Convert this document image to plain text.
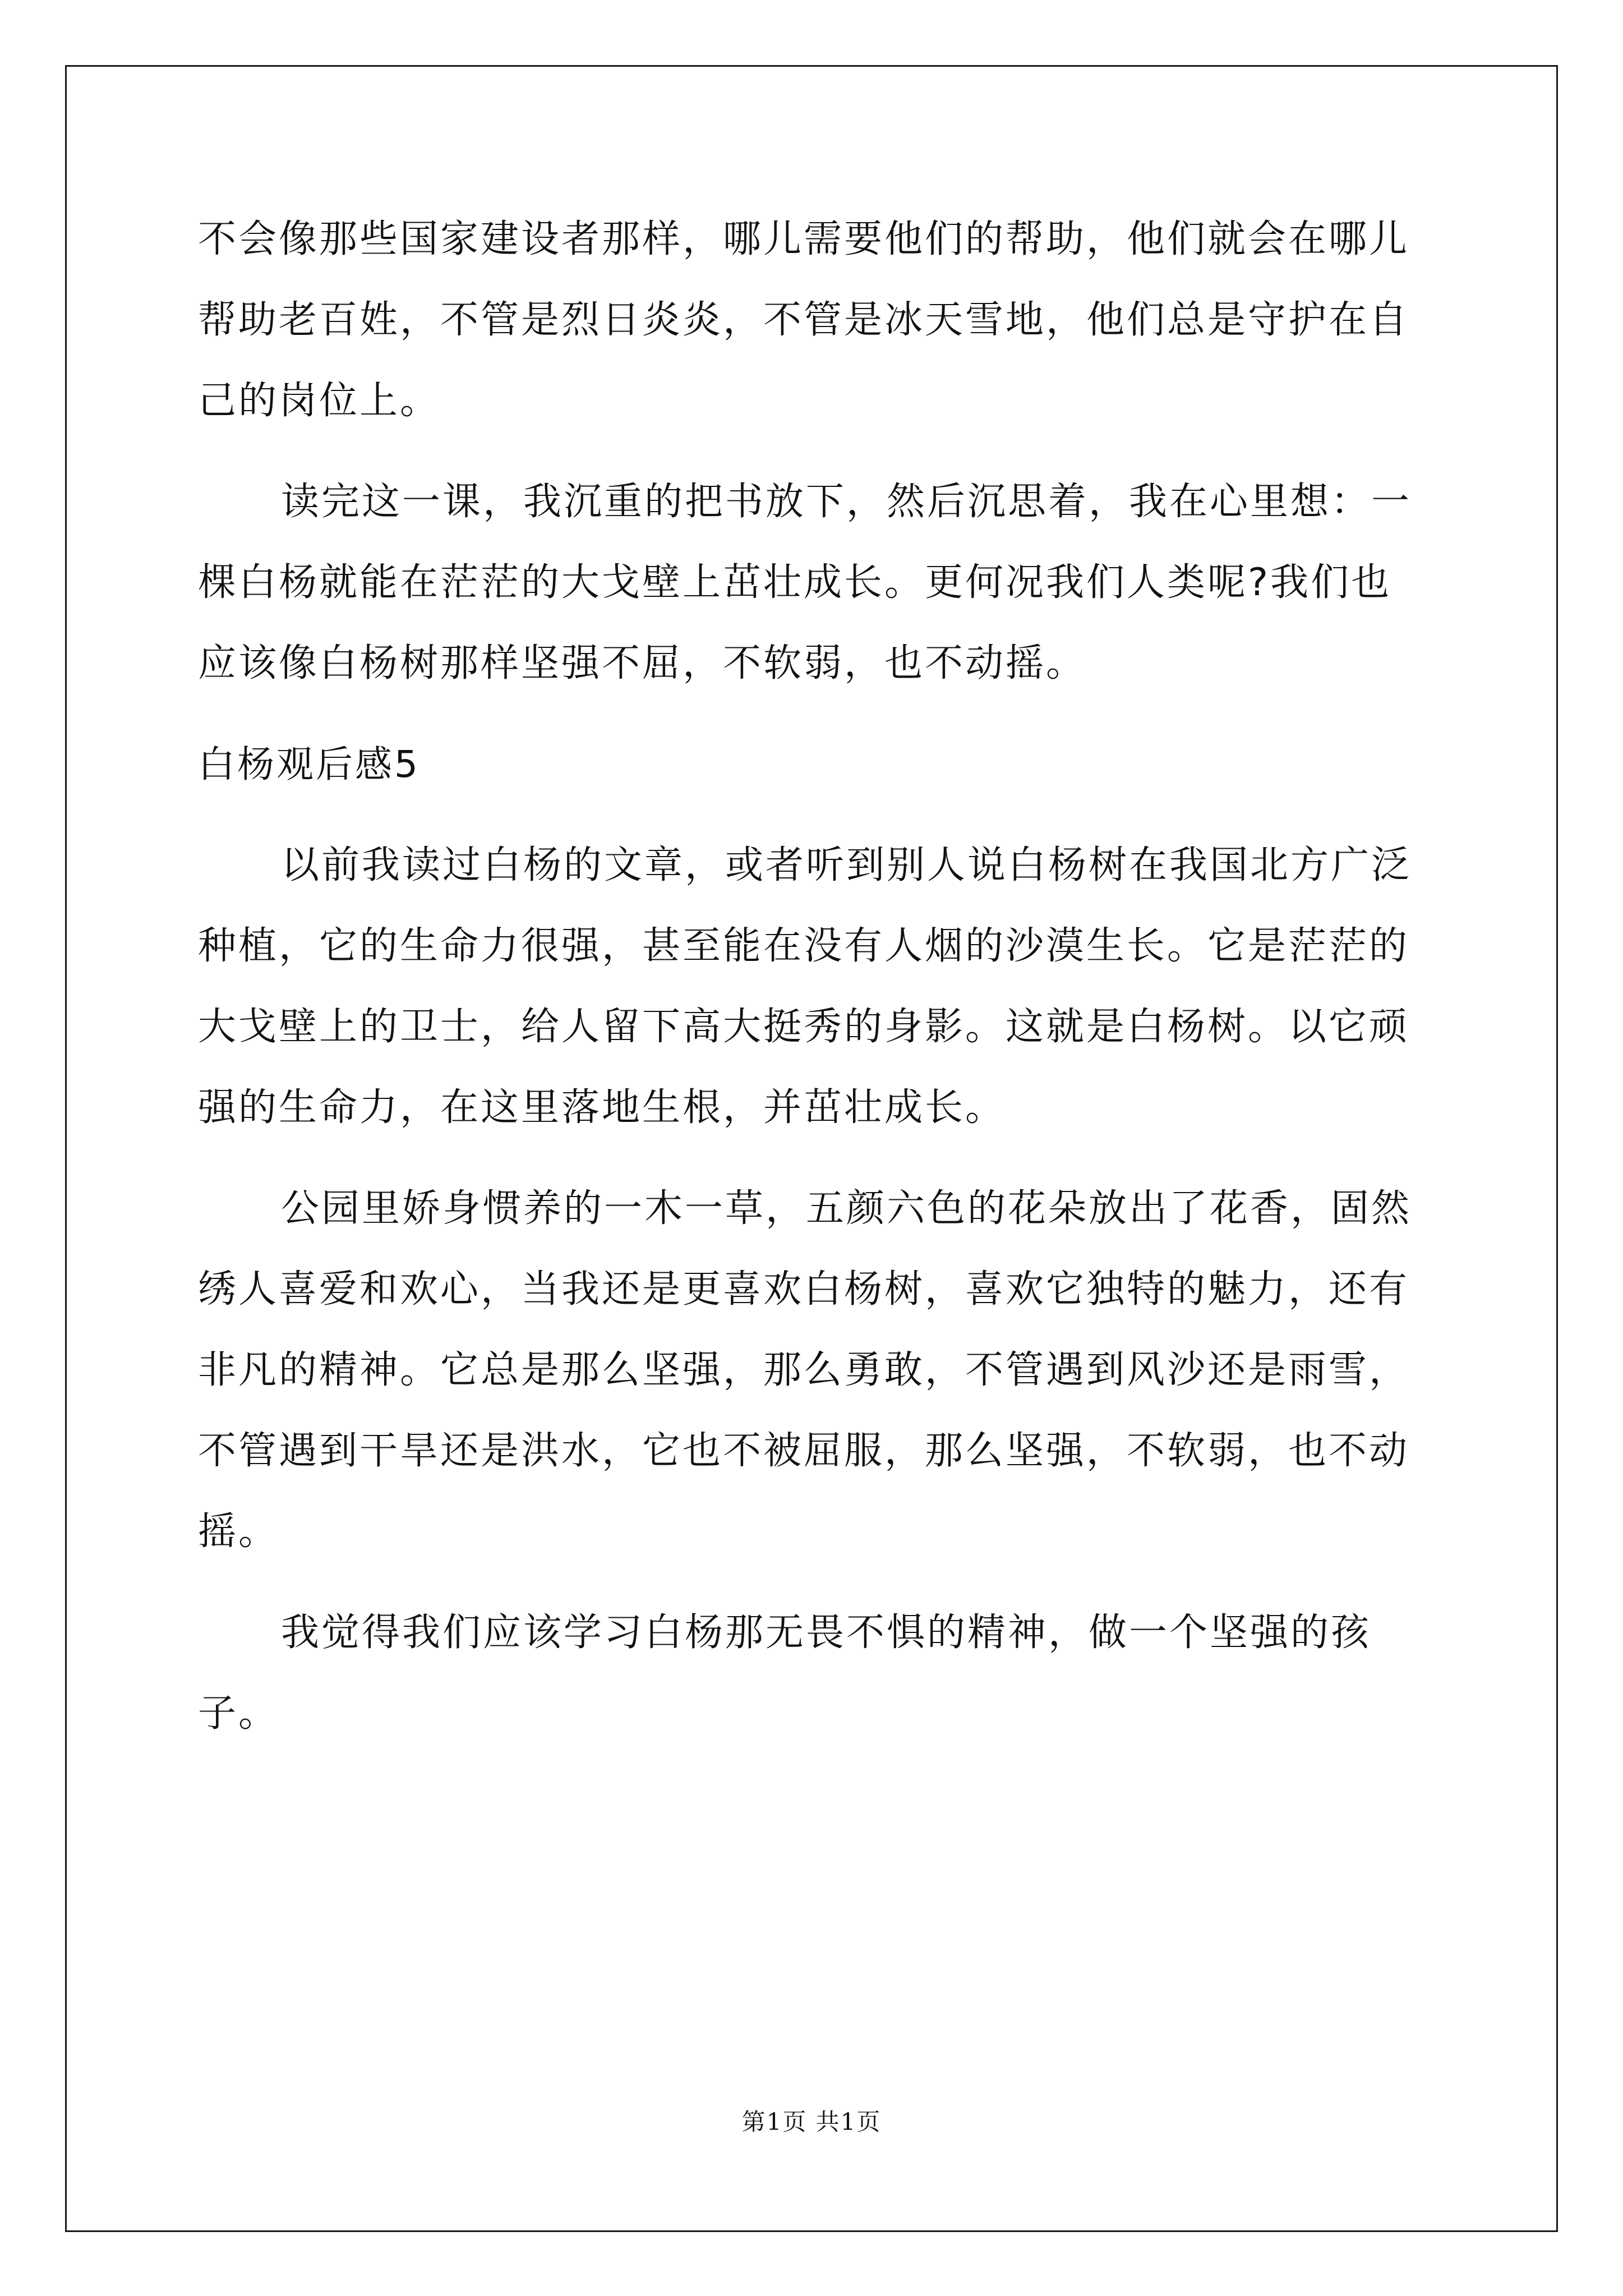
不会像那些国家建设者那样，哪儿需要他们的帮助，他们就会在哪儿帮助老百姓，不管是烈日炎炎，不管是冰天雪地，他们总是守护在自己的岗位上。

读完这一课，我沉重的把书放下，然后沉思着，我在心里想：一棵白杨就能在茫茫的大戈壁上茁壮成长。更何况我们人类呢?我们也应该像白杨树那样坚强不屈，不软弱，也不动摇。

白杨观后感5

以前我读过白杨的文章，或者听到别人说白杨树在我国北方广泛种植，它的生命力很强，甚至能在没有人烟的沙漠生长。它是茫茫的大戈壁上的卫士，给人留下高大挺秀的身影。这就是白杨树。以它顽强的生命力，在这里落地生根，并茁壮成长。

公园里娇身惯养的一木一草，五颜六色的花朵放出了花香，固然绣人喜爱和欢心，当我还是更喜欢白杨树，喜欢它独特的魅力，还有非凡的精神。它总是那么坚强，那么勇敢，不管遇到风沙还是雨雪，不管遇到干旱还是洪水，它也不被屈服，那么坚强，不软弱，也不动摇。

我觉得我们应该学习白杨那无畏不惧的精神，做一个坚强的孩子。

第1页 共1页
